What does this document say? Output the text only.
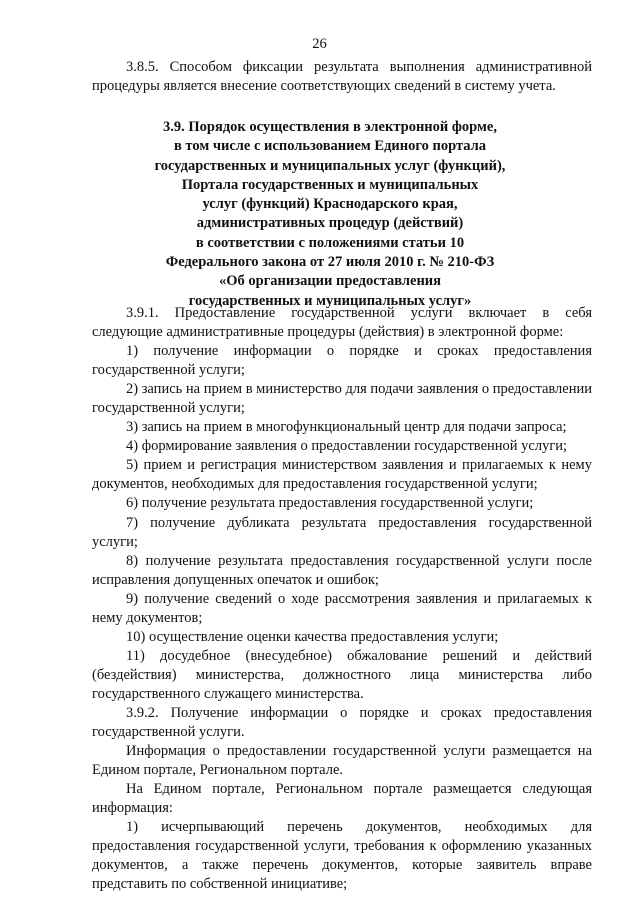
26

3.8.5. Способом фиксации результата выполнения административной процедуры является внесение соответствующих сведений в систему учета.

3.9. Порядок осуществления в электронной форме,
в том числе с использованием Единого портала
государственных и муниципальных услуг (функций),
Портала государственных и муниципальных
услуг (функций) Краснодарского края,
административных процедур (действий)
в соответствии с положениями статьи 10
Федерального закона от 27 июля 2010 г. № 210-ФЗ
«Об организации предоставления
государственных и муниципальных услуг»

3.9.1. Предоставление государственной услуги включает в себя следующие административные процедуры (действия) в электронной форме:

1) получение информации о порядке и сроках предоставления государственной услуги;

2) запись на прием в министерство для подачи заявления о предоставлении государственной услуги;

3) запись на прием в многофункциональный центр для подачи запроса;

4) формирование заявления о предоставлении государственной услуги;

5) прием и регистрация министерством заявления и прилагаемых к нему документов, необходимых для предоставления государственной услуги;

6) получение результата предоставления государственной услуги;

7) получение дубликата результата предоставления государственной услуги;

8) получение результата предоставления государственной услуги после исправления допущенных опечаток и ошибок;

9) получение сведений о ходе рассмотрения заявления и прилагаемых к нему документов;

10) осуществление оценки качества предоставления услуги;

11) досудебное (внесудебное) обжалование решений и действий (бездействия) министерства, должностного лица министерства либо государственного служащего министерства.

3.9.2. Получение информации о порядке и сроках предоставления государственной услуги.

Информация о предоставлении государственной услуги размещается на Едином портале, Региональном портале.

На Едином портале, Региональном портале размещается следующая информация:

1) исчерпывающий перечень документов, необходимых для предоставления государственной услуги, требования к оформлению указанных документов, а также перечень документов, которые заявитель вправе представить по собственной инициативе;
